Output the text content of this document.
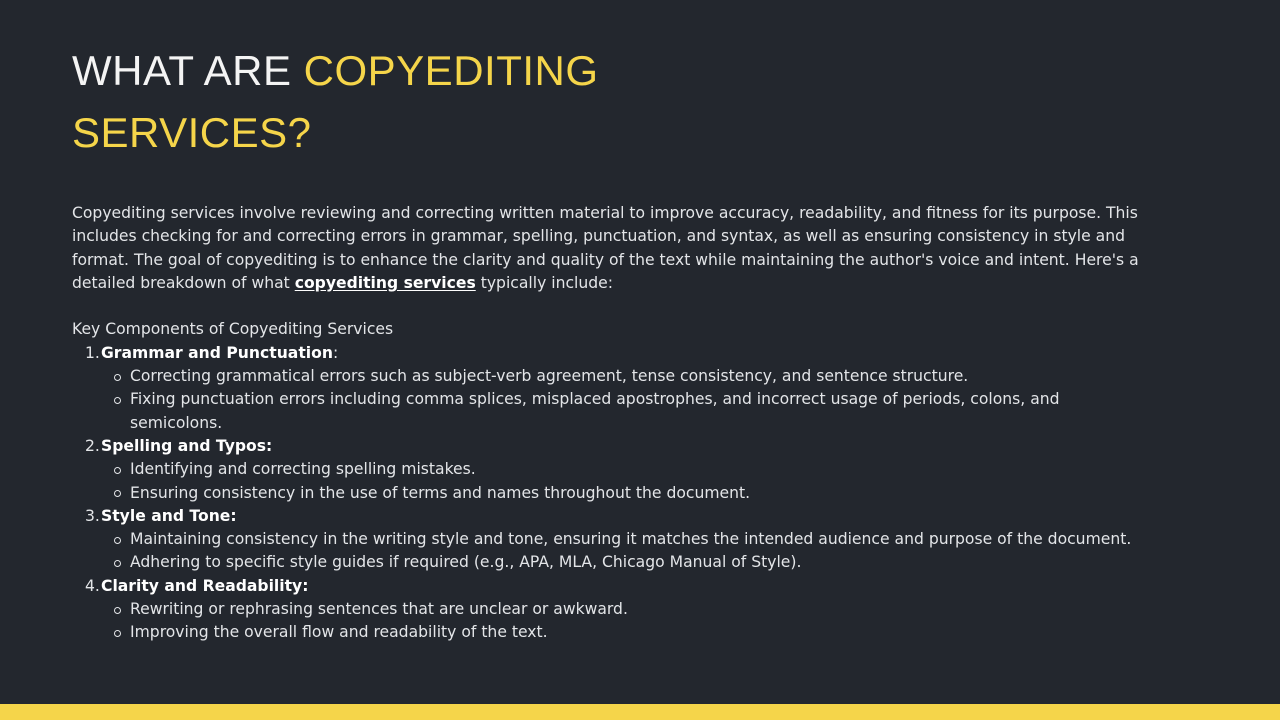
WHAT ARE COPYEDITING SERVICES?

Copyediting services involve reviewing and correcting written material to improve accuracy, readability, and fitness for its purpose. This includes checking for and correcting errors in grammar, spelling, punctuation, and syntax, as well as ensuring consistency in style and format. The goal of copyediting is to enhance the clarity and quality of the text while maintaining the author's voice and intent. Here's a detailed breakdown of what copyediting services typically include:

Key Components of Copyediting Services

1. Grammar and Punctuation:
Correcting grammatical errors such as subject-verb agreement, tense consistency, and sentence structure.
Fixing punctuation errors including comma splices, misplaced apostrophes, and incorrect usage of periods, colons, and semicolons.
2. Spelling and Typos:
Identifying and correcting spelling mistakes.
Ensuring consistency in the use of terms and names throughout the document.
3. Style and Tone:
Maintaining consistency in the writing style and tone, ensuring it matches the intended audience and purpose of the document.
Adhering to specific style guides if required (e.g., APA, MLA, Chicago Manual of Style).
4. Clarity and Readability:
Rewriting or rephrasing sentences that are unclear or awkward.
Improving the overall flow and readability of the text.
